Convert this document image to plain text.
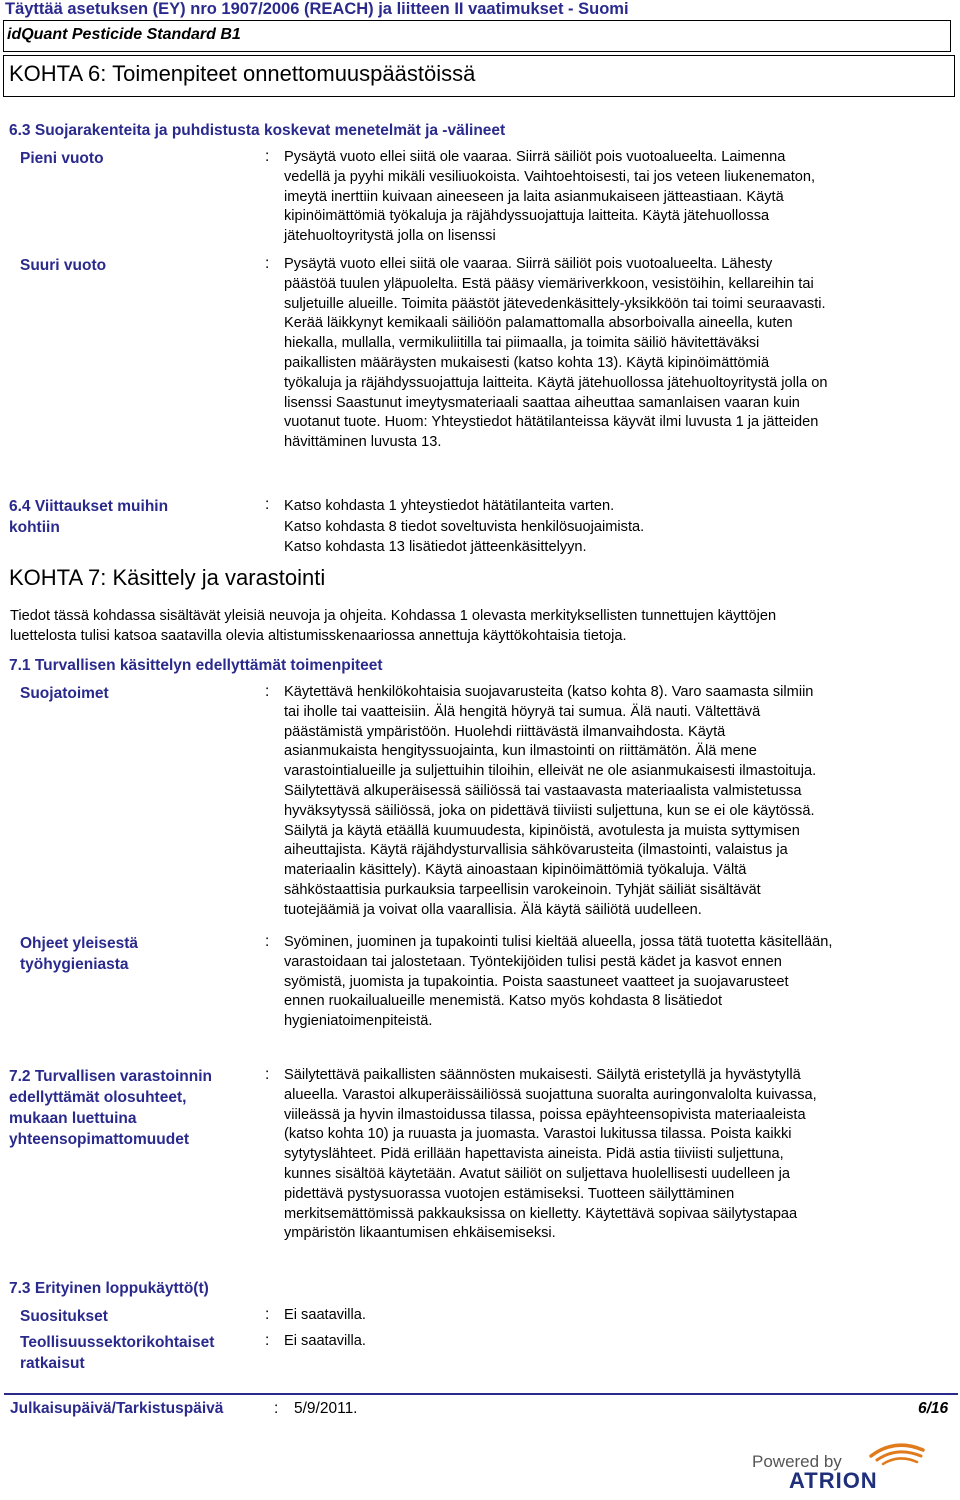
Täyttää asetuksen (EY) nro 1907/2006 (REACH) ja liitteen II vaatimukset - Suomi
idQuant Pesticide Standard B1
KOHTA 6: Toimenpiteet onnettomuuspäästöissä
6.3 Suojarakenteita ja puhdistusta koskevat menetelmät ja -välineet
Pieni vuoto	: Pysäytä vuoto ellei siitä ole vaaraa. Siirrä säiliöt pois vuotoalueelta. Laimenna
vedellä ja pyyhi mikäli vesiliuokoista. Vaihtoehtoisesti, tai jos veteen liukenematon,
imeytä inerttiin kuivaan aineeseen ja laita asianmukaiseen jätteastiaan. Käytä
kipinöimättömiä työkaluja ja räjähdyssuojattuja laitteita. Käytä jätehuollossa
jätehuoltoyritystä jolla on lisenssi
Suuri vuoto	: Pysäytä vuoto ellei siitä ole vaaraa. Siirrä säiliöt pois vuotoalueelta. Lähesty
päästöä tuulen yläpuolelta. Estä pääsy viemäriverkkoon, vesistöihin, kellareihin tai
suljetuille alueille. Toimita päästöt jätevedenkäsittely-yksikköön tai toimi seuraavasti.
Kerää läikkynyt kemikaali säiliöön palamattomalla absorboivalla aineella, kuten
hiekalla, mullalla, vermikuliitilla tai piimaalla, ja toimita säiliö hävitettäväksi
paikallisten määräysten mukaisesti (katso kohta 13). Käytä kipinöimättömiä
työkaluja ja räjähdyssuojattuja laitteita. Käytä jätehuollossa jätehuoltoyritystä jolla on
lisenssi Saastunut imeytysmateriaali saattaa aiheuttaa samanlaisen vaaran kuin
vuotanut tuote. Huom: Yhteystiedot hätätilanteissa käyvät ilmi luvusta 1 ja jätteiden
hävittäminen luvusta 13.
6.4 Viittaukset muihin
kohtiin
: Katso kohdasta 1 yhteystiedot hätätilanteita varten.
Katso kohdasta 8 tiedot soveltuvista henkilösuojaimista.
Katso kohdasta 13 lisätiedot jätteenkäsittelyyn.
KOHTA 7: Käsittely ja varastointi
Tiedot tässä kohdassa sisältävät yleisiä neuvoja ja ohjeita. Kohdassa 1 olevasta merkityksellisten tunnettujen käyttöjen
luettelosta tulisi katsoa saatavilla olevia altistumisskenaariossa annettuja käyttökohtaisia tietoja.
7.1 Turvallisen käsittelyn edellyttämät toimenpiteet
Suojatoimet	: Käytettävä henkilökohtaisia suojavarusteita (katso kohta 8). Varo saamasta silmiin
tai iholle tai vaatteisiin. Älä hengitä höyryä tai sumua. Älä nauti. Vältettävä
päästämistä ympäristöön. Huolehdi riittävästä ilmanvaihdosta. Käytä
asianmukaista hengityssuojainta, kun ilmastointi on riittämätön. Älä mene
varastointialueille ja suljettuihin tiloihin, elleivät ne ole asianmukaisesti ilmastoituja.
Säilytettävä alkuperäisessä säiliössä tai vastaavasta materiaalista valmistetussa
hyväksytyssä säiliössä, joka on pidettävä tiiviisti suljettuna, kun se ei ole käytössä.
Säilytä ja käytä etäällä kuumuudesta, kipinöistä, avotulesta ja muista syttymisen
aiheuttajista. Käytä räjähdysturvallisia sähkövarusteita (ilmastointi, valaistus ja
materiaalin käsittely). Käytä ainoastaan kipinöimättömiä työkaluja. Vältä
sähköstaattisia purkauksia tarpeellisin varokeinoin. Tyhjät säiliät sisältävät
tuotejäämiä ja voivat olla vaarallisia. Älä käytä säiliötä uudelleen.
Ohjeet yleisestä
työhygieniasta
: Syöminen, juominen ja tupakointi tulisi kieltää alueella, jossa tätä tuotetta käsitellään,
varastoidaan tai jalostetaan. Työntekijöiden tulisi pestä kädet ja kasvot ennen
syömistä, juomista ja tupakointia. Poista saastuneet vaatteet ja suojavarusteet
ennen ruokailualueille menemistä. Katso myös kohdasta 8 lisätiedot
hygieniatoimenpiteistä.
7.2 Turvallisen varastoinnin
edellyttämät olosuhteet,
mukaan luettuina
yhteensopimattomuudet
: Säilytettävä paikallisten säännösten mukaisesti. Säilytä eristetyllä ja hyvästytyllä
alueella. Varastoi alkuperäissäiliössä suojattuna suoralta auringonvalolta kuivassa,
viileässä ja hyvin ilmastoidussa tilassa, poissa epäyhteensopivista materiaaleista
(katso kohta 10) ja ruuasta ja juomasta. Varastoi lukitussa tilassa. Poista kaikki
sytytyslähteet. Pidä erillään hapettavista aineista. Pidä astia tiiviisti suljettuna,
kunnes sisältöä käytetään. Avatut säiliöt on suljettava huolellisesti uudelleen ja
pidettävä pystysuorassa vuotojen estämiseksi. Tuotteen säilyttäminen
merkitsemättömissä pakkauksissa on kielletty. Käytettävä sopivaa säilytystapaa
ympäristön likaantumisen ehkäisemiseksi.
7.3 Erityinen loppukäyttö(t)
Suositukset	: Ei saatavilla.
Teollisuussektorikohtaiset
ratkaisut
: Ei saatavilla.
Julkaisupäivä/Tarkistuspäivä	: 5/9/2011.	6/16
Powered by
ATRION
